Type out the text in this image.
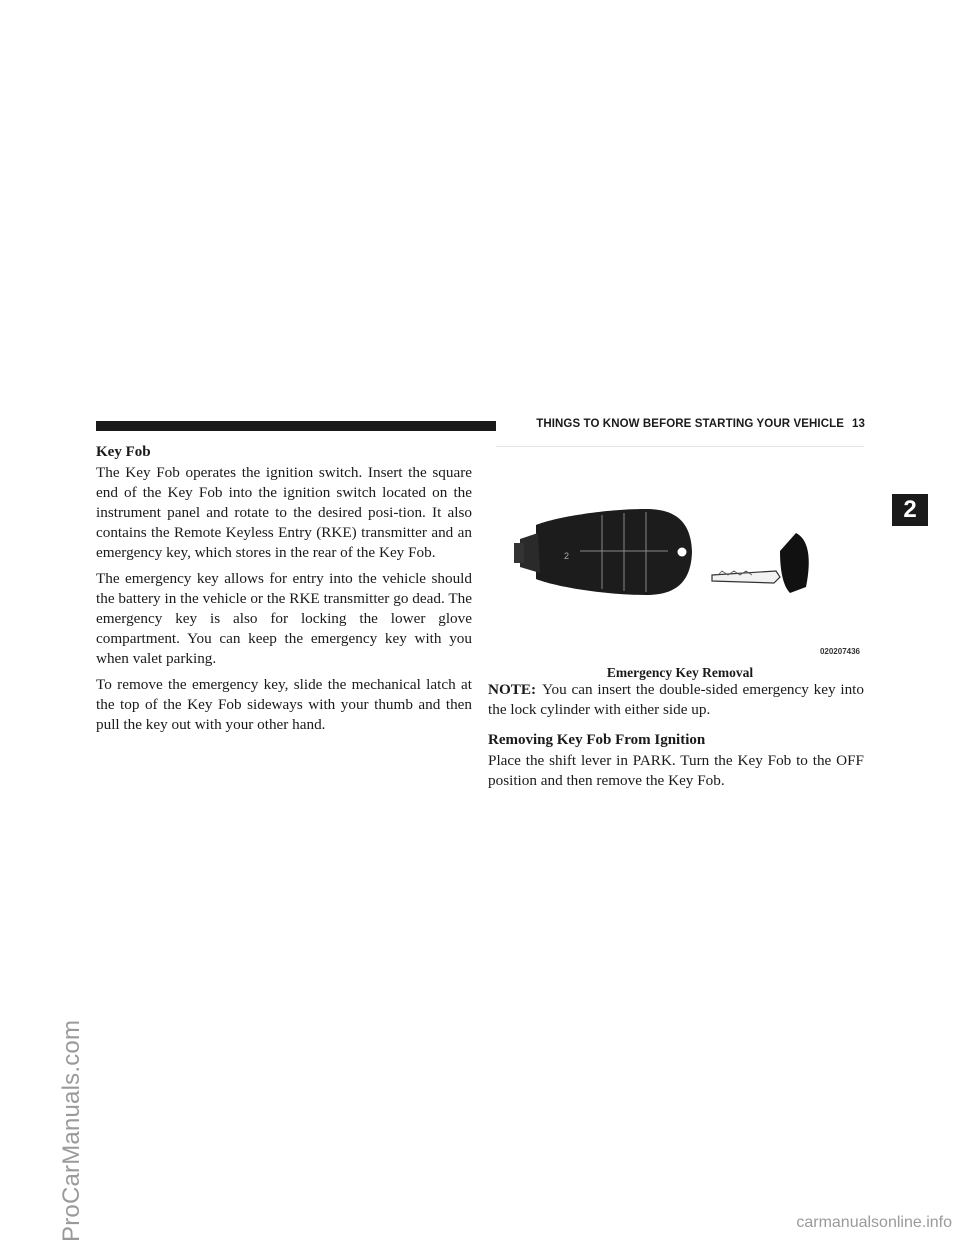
ProCarManuals.com
THINGS TO KNOW BEFORE STARTING YOUR VEHICLE 13
2
Key Fob

The Key Fob operates the ignition switch. Insert the square end of the Key Fob into the ignition switch located on the instrument panel and rotate to the desired posi-tion. It also contains the Remote Keyless Entry (RKE) transmitter and an emergency key, which stores in the rear of the Key Fob.

The emergency key allows for entry into the vehicle should the battery in the vehicle or the RKE transmitter go dead. The emergency key is also for locking the lower glove compartment. You can keep the emergency key with you when valet parking.

To remove the emergency key, slide the mechanical latch at the top of the Key Fob sideways with your thumb and then pull the key out with your other hand.

2
020207436
Emergency Key Removal

NOTE: You can insert the double-sided emergency key into the lock cylinder with either side up.

Removing Key Fob From Ignition

Place the shift lever in PARK. Turn the Key Fob to the OFF position and then remove the Key Fob.

carmanualsonline.info
